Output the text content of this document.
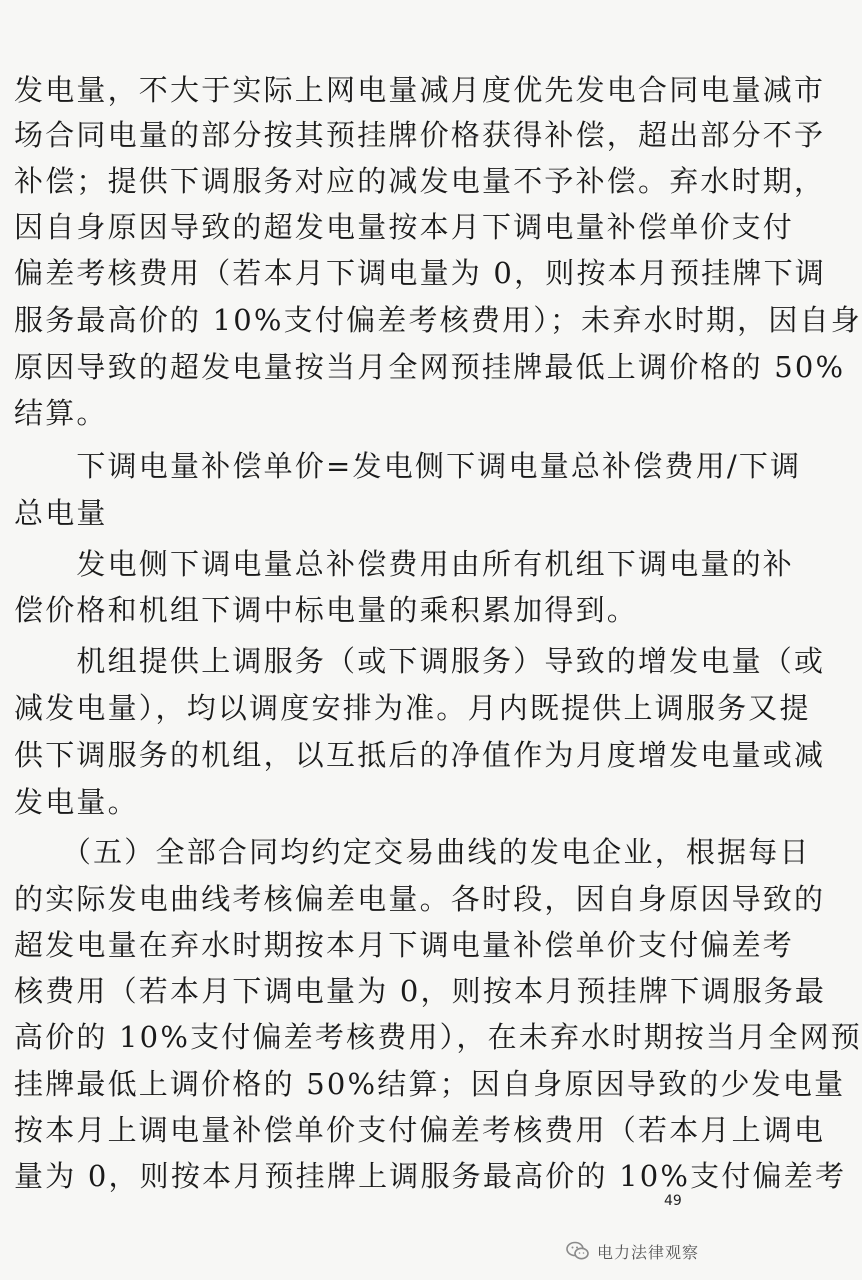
发电量，不大于实际上网电量减月度优先发电合同电量减市
场合同电量的部分按其预挂牌价格获得补偿，超出部分不予
补偿；提供下调服务对应的减发电量不予补偿。弃水时期，
因自身原因导致的超发电量按本月下调电量补偿单价支付
偏差考核费用（若本月下调电量为 0，则按本月预挂牌下调
服务最高价的 10%支付偏差考核费用）；未弃水时期，因自身
原因导致的超发电量按当月全网预挂牌最低上调价格的 50%
结算。
　　下调电量补偿单价=发电侧下调电量总补偿费用/下调
总电量
　　发电侧下调电量总补偿费用由所有机组下调电量的补
偿价格和机组下调中标电量的乘积累加得到。
　　机组提供上调服务（或下调服务）导致的增发电量（或
减发电量），均以调度安排为准。月内既提供上调服务又提
供下调服务的机组，以互抵后的净值作为月度增发电量或减
发电量。
　　（五）全部合同均约定交易曲线的发电企业，根据每日
的实际发电曲线考核偏差电量。各时段，因自身原因导致的
超发电量在弃水时期按本月下调电量补偿单价支付偏差考
核费用（若本月下调电量为 0，则按本月预挂牌下调服务最
高价的 10%支付偏差考核费用），在未弃水时期按当月全网预
挂牌最低上调价格的 50%结算；因自身原因导致的少发电量
按本月上调电量补偿单价支付偏差考核费用（若本月上调电
量为 0，则按本月预挂牌上调服务最高价的 10%支付偏差考
49
电力法律观察
